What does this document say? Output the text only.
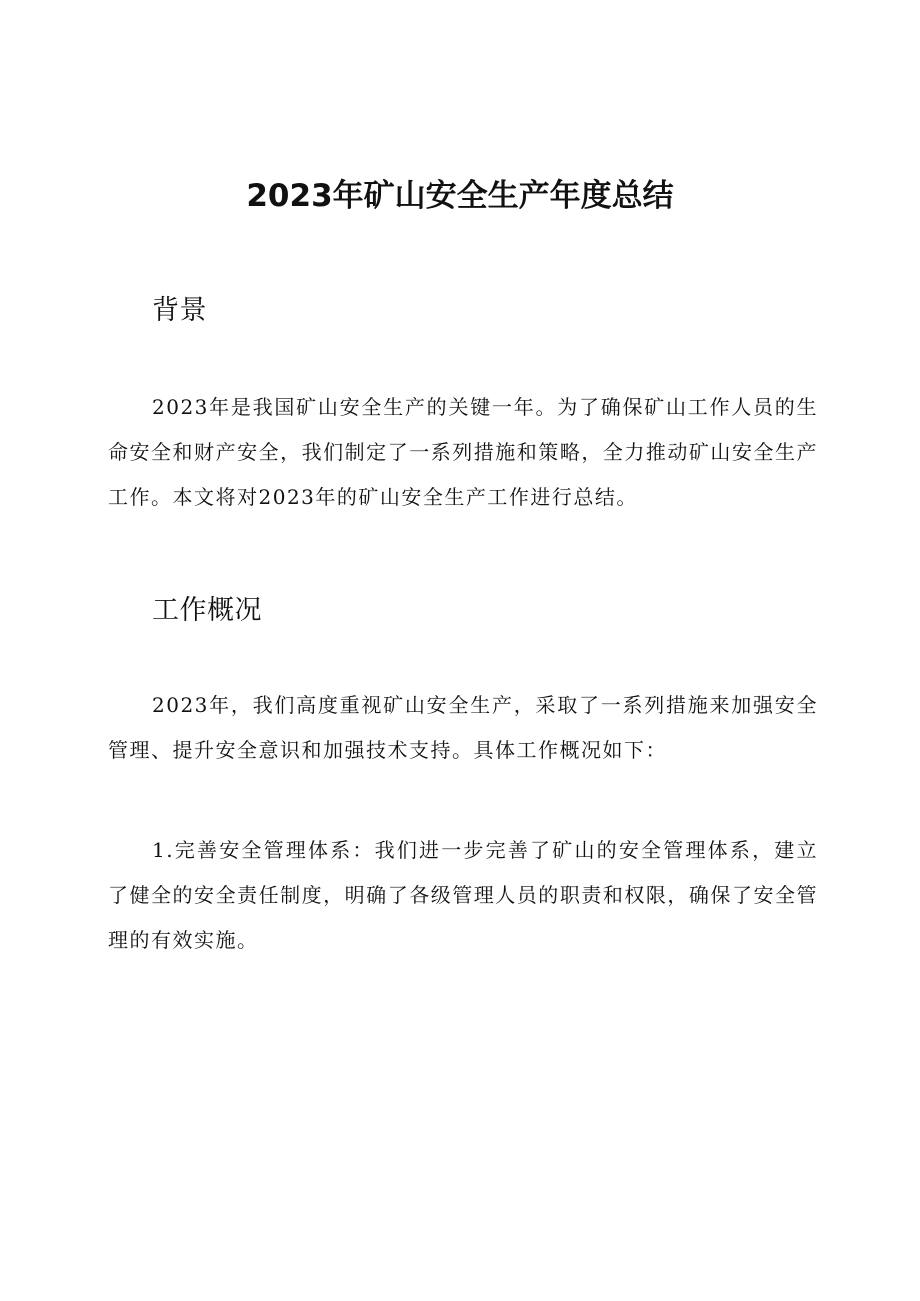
2023年矿山安全生产年度总结
背景

2023年是我国矿山安全生产的关键一年。为了确保矿山工作人员的生命安全和财产安全，我们制定了一系列措施和策略，全力推动矿山安全生产工作。本文将对2023年的矿山安全生产工作进行总结。

工作概况

2023年，我们高度重视矿山安全生产，采取了一系列措施来加强安全管理、提升安全意识和加强技术支持。具体工作概况如下：

1.完善安全管理体系：我们进一步完善了矿山的安全管理体系，建立了健全的安全责任制度，明确了各级管理人员的职责和权限，确保了安全管理的有效实施。
